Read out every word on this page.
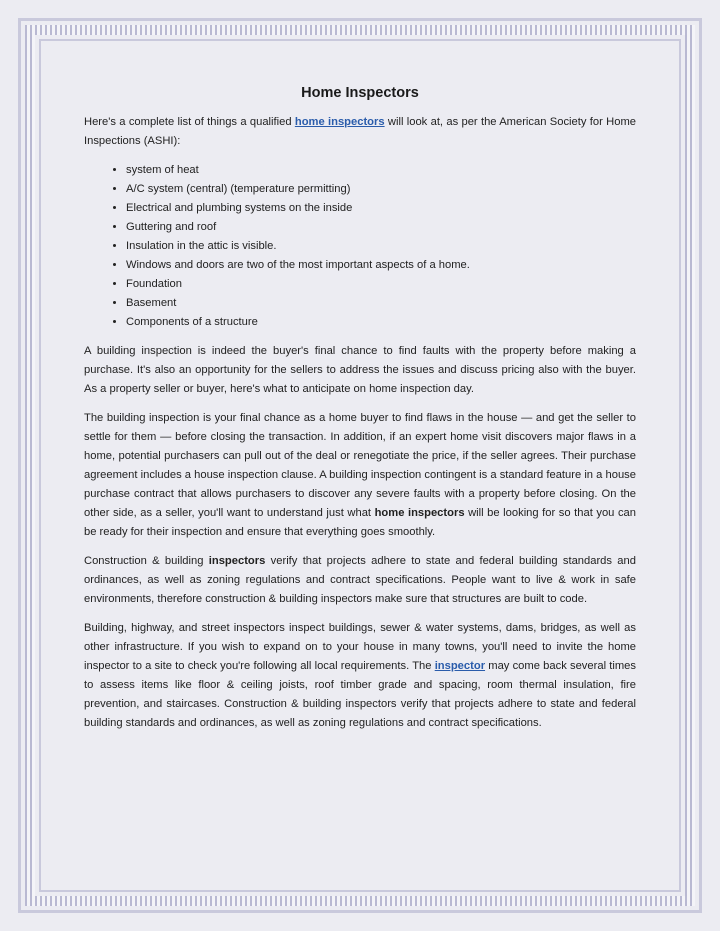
Home Inspectors

Here's a complete list of things a qualified home inspectors will look at, as per the American Society for Home Inspections (ASHI):

• system of heat
• A/C system (central) (temperature permitting)
• Electrical and plumbing systems on the inside
• Guttering and roof
• Insulation in the attic is visible.
• Windows and doors are two of the most important aspects of a home.
• Foundation
• Basement
• Components of a structure

A building inspection is indeed the buyer's final chance to find faults with the property before making a purchase. It's also an opportunity for the sellers to address the issues and discuss pricing also with the buyer. As a property seller or buyer, here's what to anticipate on home inspection day.

The building inspection is your final chance as a home buyer to find flaws in the house — and get the seller to settle for them — before closing the transaction. In addition, if an expert home visit discovers major flaws in a home, potential purchasers can pull out of the deal or renegotiate the price, if the seller agrees. Their purchase agreement includes a house inspection clause. A building inspection contingent is a standard feature in a house purchase contract that allows purchasers to discover any severe faults with a property before closing. On the other side, as a seller, you'll want to understand just what home inspectors will be looking for so that you can be ready for their inspection and ensure that everything goes smoothly.

Construction & building inspectors verify that projects adhere to state and federal building standards and ordinances, as well as zoning regulations and contract specifications. People want to live & work in safe environments, therefore construction & building inspectors make sure that structures are built to code.

Building, highway, and street inspectors inspect buildings, sewer & water systems, dams, bridges, as well as other infrastructure. If you wish to expand on to your house in many towns, you'll need to invite the home inspector to a site to check you're following all local requirements. The inspector may come back several times to assess items like floor & ceiling joists, roof timber grade and spacing, room thermal insulation, fire prevention, and staircases. Construction & building inspectors verify that projects adhere to state and federal building standards and ordinances, as well as zoning regulations and contract specifications.
